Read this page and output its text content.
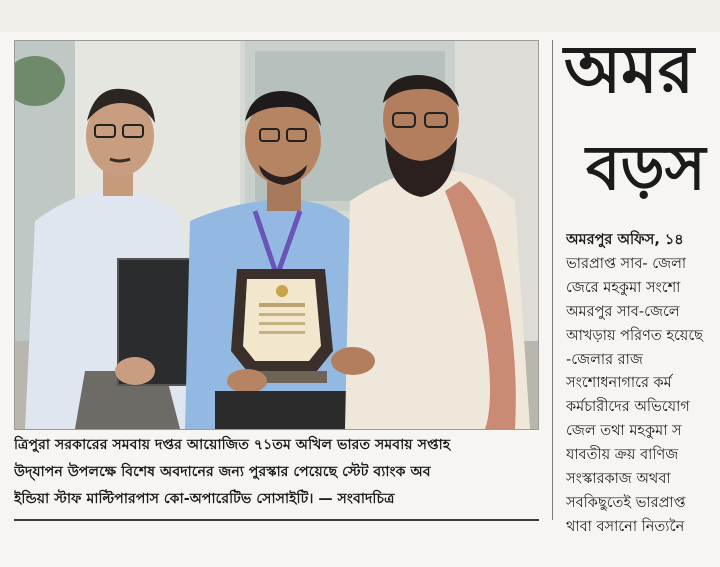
ত্রিপুরা সরকারের সমবায় দপ্তর আয়োজিত ৭১তম অখিল ভারত সমবায় সপ্তাহ
উদ্‌যাপন উপলক্ষে বিশেষ অবদানের জন্য পুরস্কার পেয়েছে স্টেট ব্যাংক অব
ইন্ডিয়া স্টাফ মাল্টিপারপাস কো-অপারেটিভ সোসাইটি। — সংবাদচিত্র
অমর
বড়স
অমরপুর অফিস, ১৪
ভারপ্রাপ্ত সাব- জেলা
জেরে মহকুমা সংশো
অমরপুর সাব-জেলে
আখড়ায় পরিণত হয়েছে
-জেলার রাজ
সংশোধনাগারে কর্ম
কর্মচারীদের অভিযোগ
জেল তথা মহকুমা স
যাবতীয় ক্রয় বাণিজ
সংস্কারকাজ অথবা
সবকিছুতেই ভারপ্রাপ্ত
থাবা বসানো নিত্যনৈ
